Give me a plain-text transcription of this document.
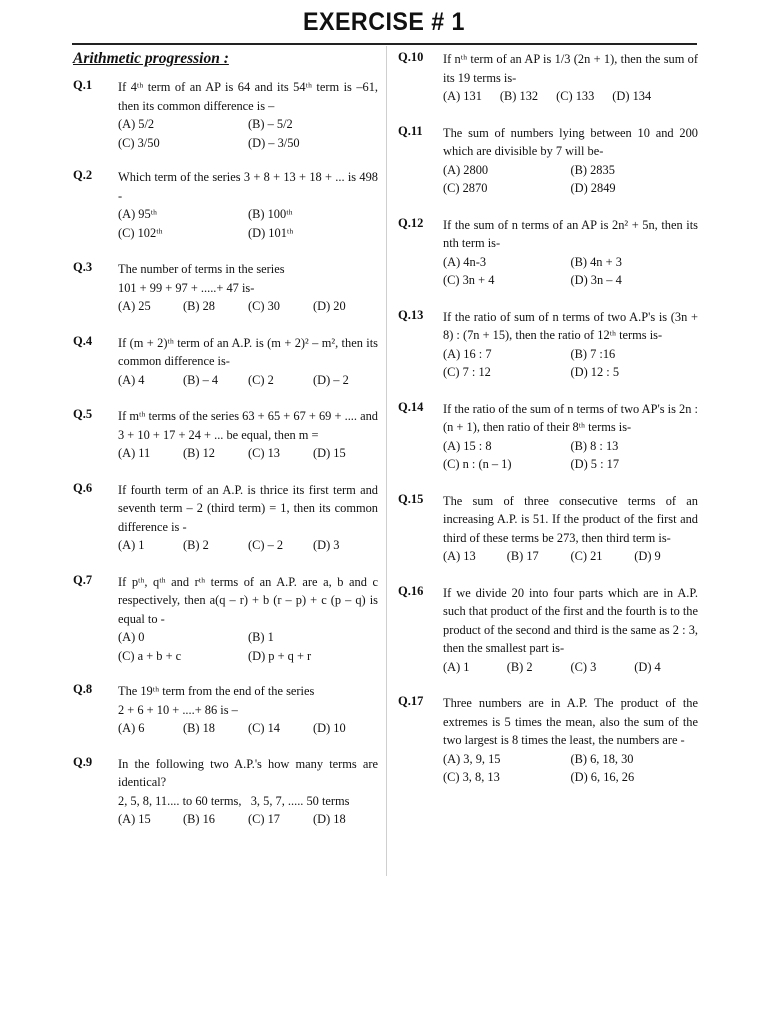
EXERCISE # 1
Arithmetic progression :
Q.1	If 4ᵗʰ term of an AP is 64 and its 54ᵗʰ term is –61, then its common difference is –
(A) 5/2	(B) – 5/2
(C) 3/50	(D) – 3/50
Q.2	Which term of the series 3 + 8 + 13 + 18 + ... is 498 -
(A) 95ᵗʰ	(B) 100ᵗʰ
(C) 102ᵗʰ	(D) 101ᵗʰ
Q.3	The number of terms in the series
101 + 99 + 97 + .....+ 47 is-
(A) 25	(B) 28	(C) 30	(D) 20
Q.4	If (m + 2)ᵗʰ term of an A.P. is (m + 2)² – m², then its common difference is-
(A) 4	(B) – 4	(C) 2	(D) – 2
Q.5	If mᵗʰ terms of the series 63 + 65 + 67 + 69 + .... and 3 + 10 + 17 + 24 + ... be equal, then m =
(A) 11	(B) 12	(C) 13	(D) 15
Q.6	If fourth term of an A.P. is thrice its first term and seventh term – 2 (third term) = 1, then its common difference is -
(A) 1	(B) 2	(C) – 2	(D) 3
Q.7	If pᵗʰ, qᵗʰ and rᵗʰ terms of an A.P. are a, b and c respectively, then a(q – r) + b (r – p) + c (p – q) is equal to -
(A) 0	(B) 1
(C) a + b + c	(D) p + q + r
Q.8	The 19ᵗʰ term from the end of the series
2 + 6 + 10 + ....+ 86 is –
(A) 6	(B) 18	(C) 14	(D) 10
Q.9	In the following two A.P.'s how many terms are identical?
2, 5, 8, 11.... to 60 terms,   3, 5, 7, ..... 50 terms
(A) 15	(B) 16	(C) 17	(D) 18
Q.10	If nᵗʰ term of an AP is 1/3 (2n + 1), then the sum of its 19 terms is-
(A) 131 (B) 132 (C) 133 (D) 134
Q.11	The sum of numbers lying between 10 and 200 which are divisible by 7 will be-
(A) 2800	(B) 2835
(C) 2870	(D) 2849
Q.12	If the sum of n terms of an AP is 2n² + 5n, then its nth term is-
(A) 4n-3	(B) 4n + 3
(C) 3n + 4	(D) 3n – 4
Q.13	If the ratio of sum of n terms of two A.P's is (3n + 8) : (7n + 15), then the ratio of 12ᵗʰ terms is-
(A) 16 : 7	(B) 7 :16
(C) 7 : 12	(D) 12 : 5
Q.14	If the ratio of the sum of n terms of two AP's is 2n : (n + 1), then ratio of their 8ᵗʰ terms is-
(A) 15 : 8	(B) 8 : 13
(C) n : (n – 1)	(D) 5 : 17
Q.15	The sum of three consecutive terms of an increasing A.P. is 51. If the product of the first and third of these terms be 273, then third term is-
(A) 13	(B) 17	(C) 21	(D) 9
Q.16	If we divide 20 into four parts which are in A.P. such that product of the first and the fourth is to the product of the second and third is the same as 2 : 3, then the smallest part is-
(A) 1	(B) 2	(C) 3	(D) 4
Q.17	Three numbers are in A.P. The product of the extremes is 5 times the mean, also the sum of the two largest is 8 times the least, the numbers are -
(A) 3, 9, 15	(B) 6, 18, 30
(C) 3, 8, 13	(D) 6, 16, 26
